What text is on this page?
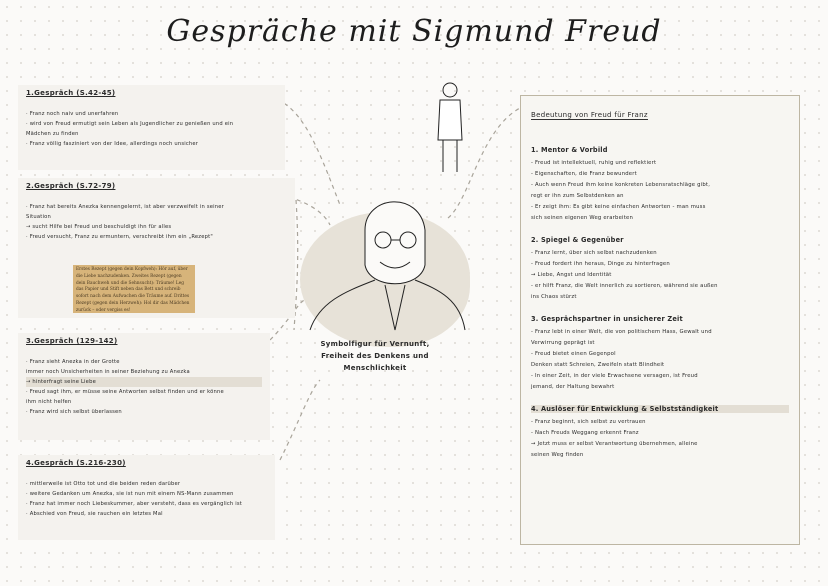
Gespräche mit Sigmund Freud
Symbolfigur für Vernunft,
Freiheit des Denkens und
Menschlichkeit
1.Gespräch (S.42-45)
· Franz noch naiv und unerfahren
· wird von Freud ermutigt sein Leben als Jugendlicher zu genießen und ein
Mädchen zu finden
· Franz völlig fasziniert von der Idee, allerdings noch unsicher
2.Gespräch (S.72-79)
· Franz hat bereits Anezka kennengelernt, ist aber verzweifelt in seiner
Situation
→ sucht Hilfe bei Freud und beschuldigt ihn für alles
· Freud versucht, Franz zu ermuntern, verschreibt ihm ein „Rezept"
Erstes Rezept (gegen dein Kopfweh): Hör auf, über die Liebe nachzudenken. Zweites Rezept (gegen dein Bauchweh und die Sehnsucht): Träume! Leg das Papier und Stift neben das Bett und schreib sofort nach dem Aufwachen die Träume auf. Drittes Rezept (gegen dein Herzweh): Hol dir das Mädchen zurück – oder vergiss es!
3.Gespräch (129-142)
· Franz sieht Anezka in der Grotte
immer noch Unsicherheiten in seiner Beziehung zu Anezka
→ hinterfragt seine Liebe
· Freud sagt ihm, er müsse seine Antworten selbst finden und er könne
ihm nicht helfen
· Franz wird sich selbst überlassen
4.Gespräch (S.216-230)
· mittlerweile ist Otto tot und die beiden reden darüber
· weitere Gedanken um Anezka, sie ist nun mit einem NS-Mann zusammen
· Franz hat immer noch Liebeskummer, aber versteht, dass es vergänglich ist
· Abschied von Freud, sie rauchen ein letztes Mal
Bedeutung von Freud für Franz
1. Mentor & Vorbild
- Freud ist intellektuell, ruhig und reflektiert
- Eigenschaften, die Franz bewundert
- Auch wenn Freud ihm keine konkreten Lebensratschläge gibt,
regt er ihn zum Selbstdenken an
- Er zeigt ihm: Es gibt keine einfachen Antworten - man muss
sich seinen eigenen Weg erarbeiten
2. Spiegel & Gegenüber
- Franz lernt, über sich selbst nachzudenken
- Freud fordert ihn heraus, Dinge zu hinterfragen
→ Liebe, Angst und Identität
- er hilft Franz, die Welt innerlich zu sortieren, während sie außen
ins Chaos stürzt
3. Gesprächspartner in unsicherer Zeit
- Franz lebt in einer Welt, die von politischem Hass, Gewalt und
Verwirrung geprägt ist
- Freud bietet einen Gegenpol
Denken statt Schreien, Zweifeln statt Blindheit
- In einer Zeit, in der viele Erwachsene versagen, ist Freud
jemand, der Haltung bewahrt
4. Auslöser für Entwicklung & Selbstständigkeit
- Franz beginnt, sich selbst zu vertrauen
- Nach Freuds Weggang erkennt Franz
→ Jetzt muss er selbst Verantwortung übernehmen, alleine
seinen Weg finden
